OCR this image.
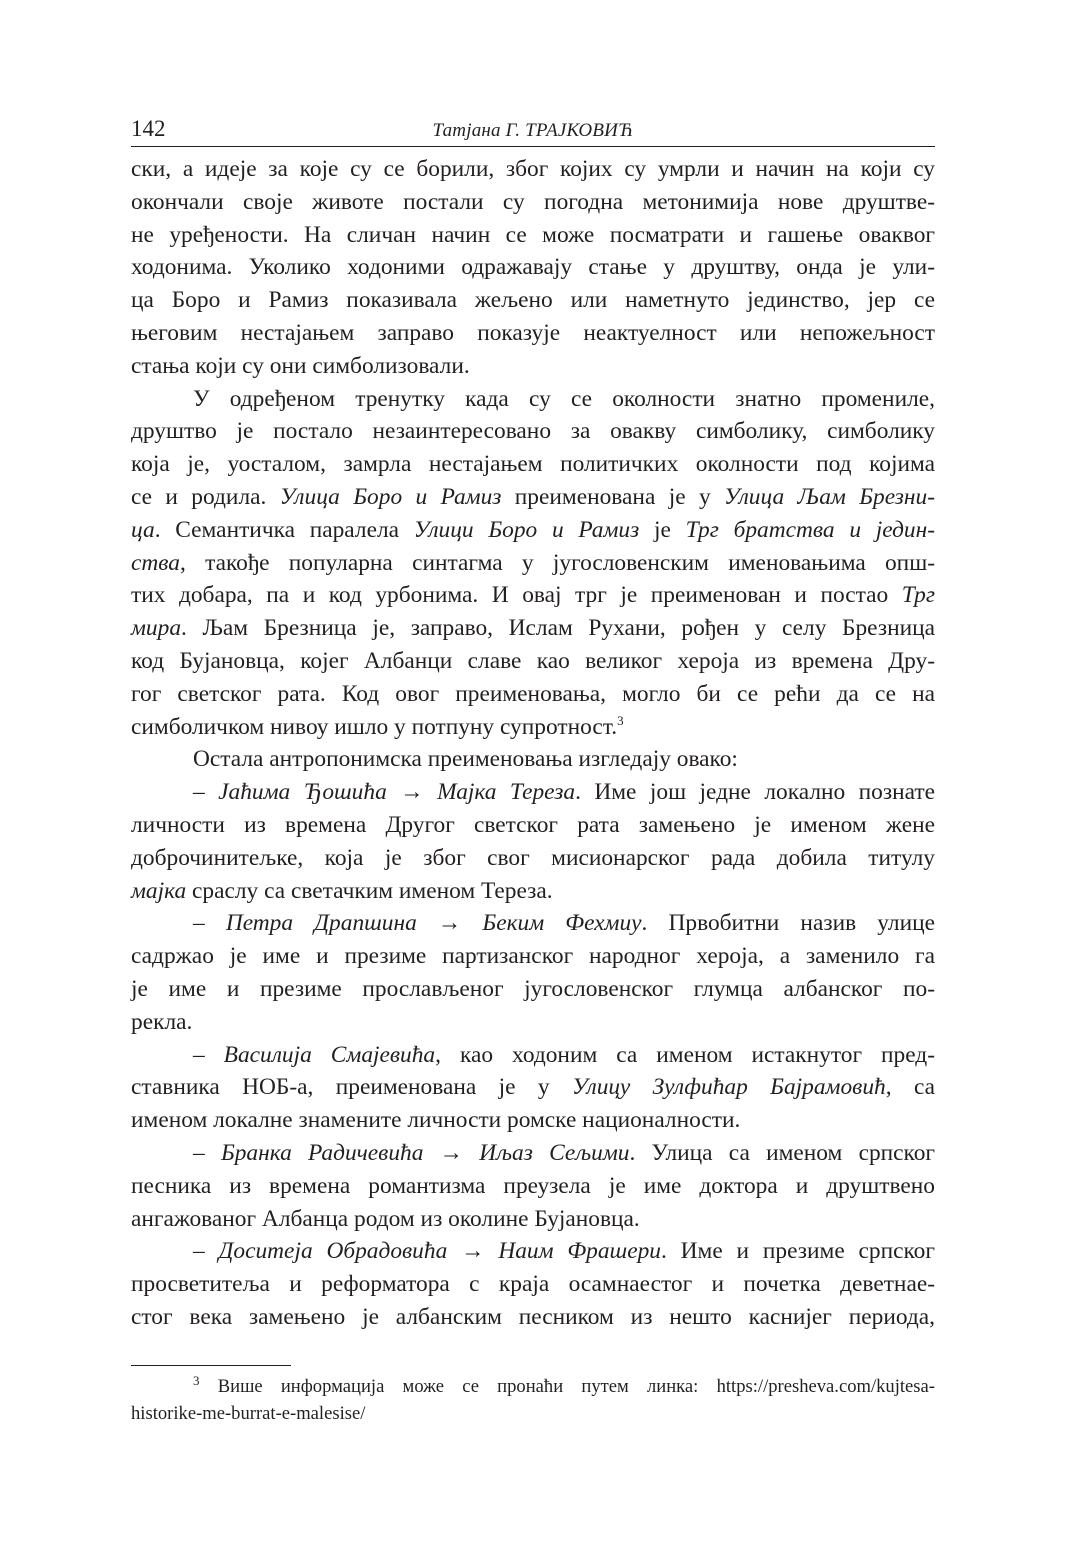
142	Татјана Г. ТРАЈКОВИЋ
ски, а идеје за које су се борили, због којих су умрли и начин на који су
окончали своје животе постали су погодна метонимија нове друштве-
не уређености. На сличан начин се може посматрати и гашење оваквог
ходонима. Уколико ходоними одражавају стање у друштву, онда је ули-
ца Боро и Рамиз показивала жељено или наметнуто јединство, јер се
његовим нестајањем заправо показује неактуелност или непожељност
стања који су они симболизовали.
У одређеном тренутку када су се околности знатно промениле,
друштво је постало незаинтересовано за овакву симболику, симболику
која је, уосталом, замрла нестајањем политичких околности под којима
се и родила. Улица Боро и Рамиз преименована је у Улица Љам Брезни-
ца. Семантичка паралела Улици Боро и Рамиз је Трг братства и једин-
ства, такође популарна синтагма у југословенским именовањима опш-
тих добара, па и код урбонима. И овај трг је преименован и постао Трг
мира. Љам Брезница је, заправо, Ислам Рухани, рођен у селу Брезница
код Бујановца, којег Албанци славе као великог хероја из времена Дру-
гог светског рата. Код овог преименовања, могло би се рећи да се на
симболичком нивоу ишло у потпуну супротност.$^3$
Остала антропонимска преименовања изгледају овако:
– Јаћима Ђошића → Мајка Тереза. Име још једне локално познате
личности из времена Другог светског рата замењено је именом жене
доброчинитељке, која је због свог мисионарског рада добила титулу
мајка сраслу са светачким именом Тереза.
– Петра Драпшина → Беким Фехмиу. Првобитни назив улице
садржао је име и презиме партизанског народног хероја, а заменило га
је име и презиме прослављеног југословенског глумца албанског по-
рекла.
– Василија Смајевића, као ходоним са именом истакнутог пред-
ставника НОБ-а, преименована је у Улицу Зулфићар Бајрамовић, са
именом локалне знамените личности ромске националности.
– Бранка Радичевића → Иљаз Сељими. Улица са именом српског
песника из времена романтизма преузела је име доктора и друштвено
ангажованог Албанца родом из околине Бујановца.
– Доситеја Обрадовића → Наим Фрашери. Име и презиме српског
просветитеља и реформатора с краја осамнаестог и почетка деветнае-
стог века замењено је албанским песником из нешто каснијег периода,
$^3$ Више информација може се пронаћи путем линка: https://presheva.com/kujtesa-
historike-me-burrat-e-malesise/
